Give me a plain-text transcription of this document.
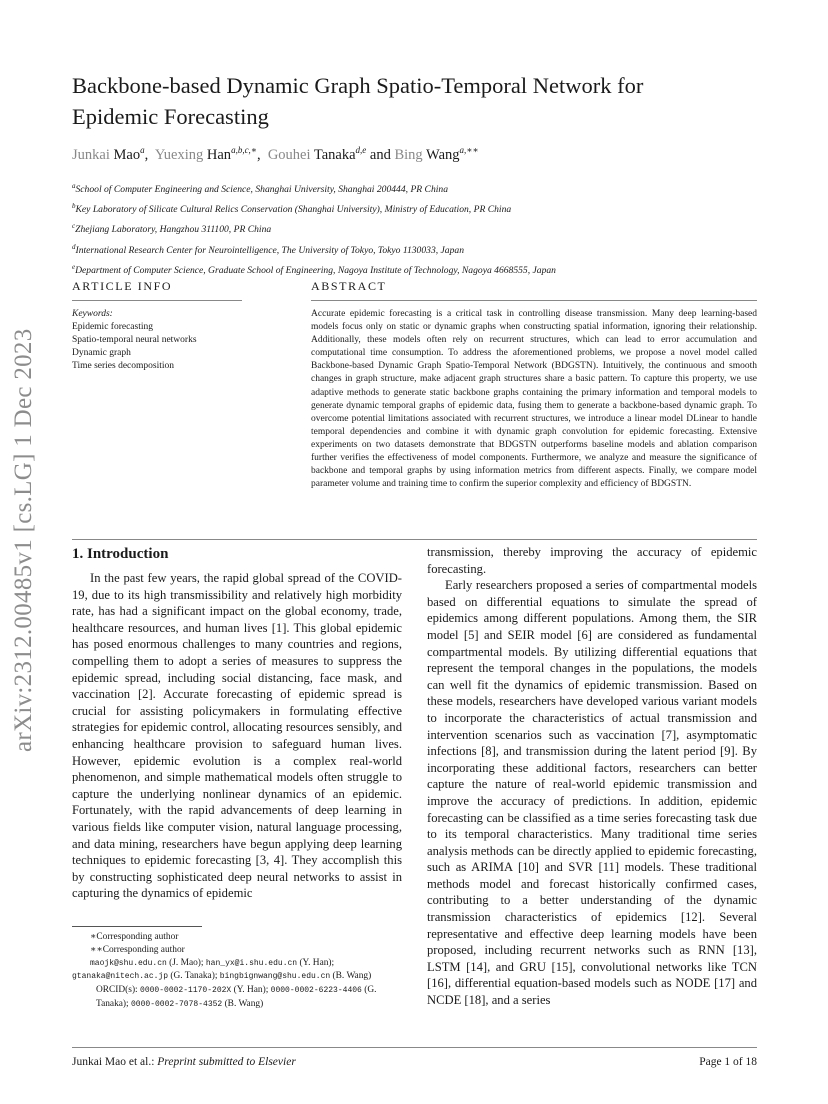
arXiv:2312.00485v1 [cs.LG] 1 Dec 2023
Backbone-based Dynamic Graph Spatio-Temporal Network for
Epidemic Forecasting
Junkai Mao$^a$, Yuexing Han$^{a,b,c,∗}$, Gouhei Tanaka$^{d,e}$ and Bing Wang$^{a,∗∗}$
$^a$School of Computer Engineering and Science, Shanghai University, Shanghai 200444, PR China
$^b$Key Laboratory of Silicate Cultural Relics Conservation (Shanghai University), Ministry of Education, PR China
$^c$Zhejiang Laboratory, Hangzhou 311100, PR China
$^d$International Research Center for Neurointelligence, The University of Tokyo, Tokyo 1130033, Japan
$^e$Department of Computer Science, Graduate School of Engineering, Nagoya Institute of Technology, Nagoya 4668555, Japan
ARTICLE INFO
Keywords:
Epidemic forecasting
Spatio-temporal neural networks
Dynamic graph
Time series decomposition
ABSTRACT
Accurate epidemic forecasting is a critical task in controlling disease transmission. Many deep learning-based models focus only on static or dynamic graphs when constructing spatial information, ignoring their relationship. Additionally, these models often rely on recurrent structures, which can lead to error accumulation and computational time consumption. To address the aforementioned problems, we propose a novel model called Backbone-based Dynamic Graph Spatio-Temporal Network (BDGSTN). Intuitively, the continuous and smooth changes in graph structure, make adjacent graph structures share a basic pattern. To capture this property, we use adaptive methods to generate static backbone graphs containing the primary information and temporal models to generate dynamic temporal graphs of epidemic data, fusing them to generate a backbone-based dynamic graph. To overcome potential limitations associated with recurrent structures, we introduce a linear model DLinear to handle temporal dependencies and combine it with dynamic graph convolution for epidemic forecasting. Extensive experiments on two datasets demonstrate that BDGSTN outperforms baseline models and ablation comparison further verifies the effectiveness of model components. Furthermore, we analyze and measure the significance of backbone and temporal graphs by using information metrics from different aspects. Finally, we compare model parameter volume and training time to confirm the superior complexity and efficiency of BDGSTN.
1. Introduction

In the past few years, the rapid global spread of the COVID-19, due to its high transmissibility and relatively high morbidity rate, has had a significant impact on the global economy, trade, healthcare resources, and human lives [1]. This global epidemic has posed enormous challenges to many countries and regions, compelling them to adopt a series of measures to suppress the epidemic spread, including social distancing, face mask, and vaccination [2]. Accurate forecasting of epidemic spread is crucial for assisting policymakers in formulating effective strategies for epidemic control, allocating resources sensibly, and enhancing healthcare provision to safeguard human lives. However, epidemic evolution is a complex real-world phenomenon, and simple mathematical models often struggle to capture the underlying nonlinear dynamics of an epidemic. Fortunately, with the rapid advancements of deep learning in various fields like computer vision, natural language processing, and data mining, researchers have begun applying deep learning techniques to epidemic forecasting [3, 4]. They accomplish this by constructing sophisticated deep neural networks to assist in capturing the dynamics of epidemic

transmission, thereby improving the accuracy of epidemic forecasting.

Early researchers proposed a series of compartmental models based on differential equations to simulate the spread of epidemics among different populations. Among them, the SIR model [5] and SEIR model [6] are considered as fundamental compartmental models. By utilizing differential equations that represent the temporal changes in the populations, the models can well fit the dynamics of epidemic transmission. Based on these models, researchers have developed various variant models to incorporate the characteristics of actual transmission and intervention scenarios such as vaccination [7], asymptomatic infections [8], and transmission during the latent period [9]. By incorporating these additional factors, researchers can better capture the nature of real-world epidemic transmission and improve the accuracy of predictions. In addition, epidemic forecasting can be classified as a time series forecasting task due to its temporal characteristics. Many traditional time series analysis methods can be directly applied to epidemic forecasting, such as ARIMA [10] and SVR [11] models. These traditional methods model and forecast historically confirmed cases, contributing to a better understanding of the dynamic transmission characteristics of epidemics [12]. Several representative and effective deep learning models have been proposed, including recurrent networks such as RNN [13], LSTM [14], and GRU [15], convolutional networks like TCN [16], differential equation-based models such as NODE [17] and NCDE [18], and a series

∗Corresponding author
∗∗Corresponding author
maojk@shu.edu.cn (J. Mao); han_yx@i.shu.edu.cn (Y. Han);
gtanaka@nitech.ac.jp (G. Tanaka); bingbignwang@shu.edu.cn (B. Wang)
ORCID(s): 0000-0002-1170-202X (Y. Han); 0000-0002-6223-4406 (G. Tanaka); 0000-0002-7078-4352 (B. Wang)
Junkai Mao et al.: Preprint submitted to Elsevier	Page 1 of 18
